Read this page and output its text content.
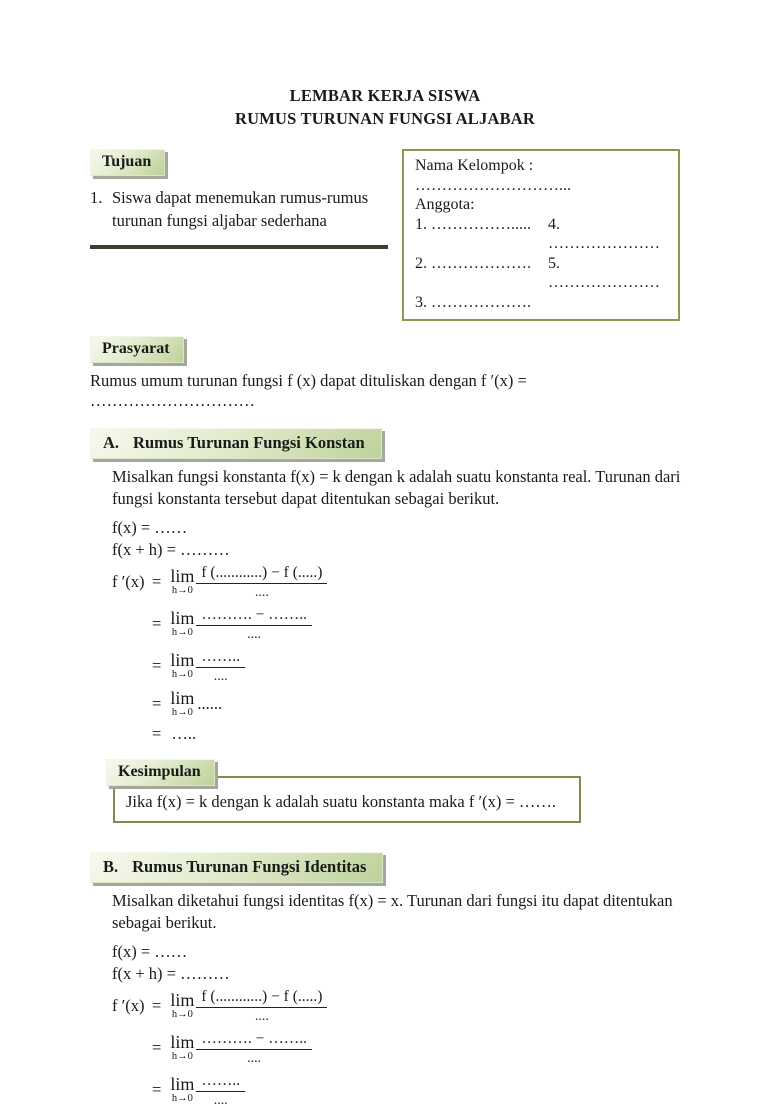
LEMBAR KERJA SISWA
RUMUS TURUNAN FUNGSI ALJABAR
Tujuan
1. Siswa dapat menemukan rumus-rumus turunan fungsi aljabar sederhana
Nama Kelompok : ………………………...
Anggota:
1. …………….....	4. …………………
2. ……………….	5. …………………
3. ……………….
Prasyarat
Rumus umum turunan fungsi f (x) dapat dituliskan dengan f ′(x) = …………………………
A. Rumus Turunan Fungsi Konstan
Misalkan fungsi konstanta f(x) = k dengan k adalah suatu konstanta real. Turunan dari fungsi konstanta tersebut dapat ditentukan sebagai berikut.
f(x) = ……
f(x + h) = ………
f ′(x) = lim
$h\to 0 \frac{f (............) - f (.....)}{....}$
= lim
$h\to 0 \frac{\dots\dots\dots. - \dots\dots..}{....}$
= lim
$h\to 0 \frac{\dots\dots..}{....}$
= lim
h→0 ......
= …..
Kesimpulan
Jika f(x) = k dengan k adalah suatu konstanta maka f ′(x) = …….
B. Rumus Turunan Fungsi Identitas
Misalkan diketahui fungsi identitas f(x) = x. Turunan dari fungsi itu dapat ditentukan sebagai berikut.
f(x) = ……
f(x + h) = ………
f ′(x) = lim
$h\to 0 \frac{f (............) - f (.....)}{....}$
= lim
$h\to 0 \frac{\dots\dots\dots. - \dots\dots..}{....}$
= lim
$h\to 0 \frac{\dots\dots..}{....}$
